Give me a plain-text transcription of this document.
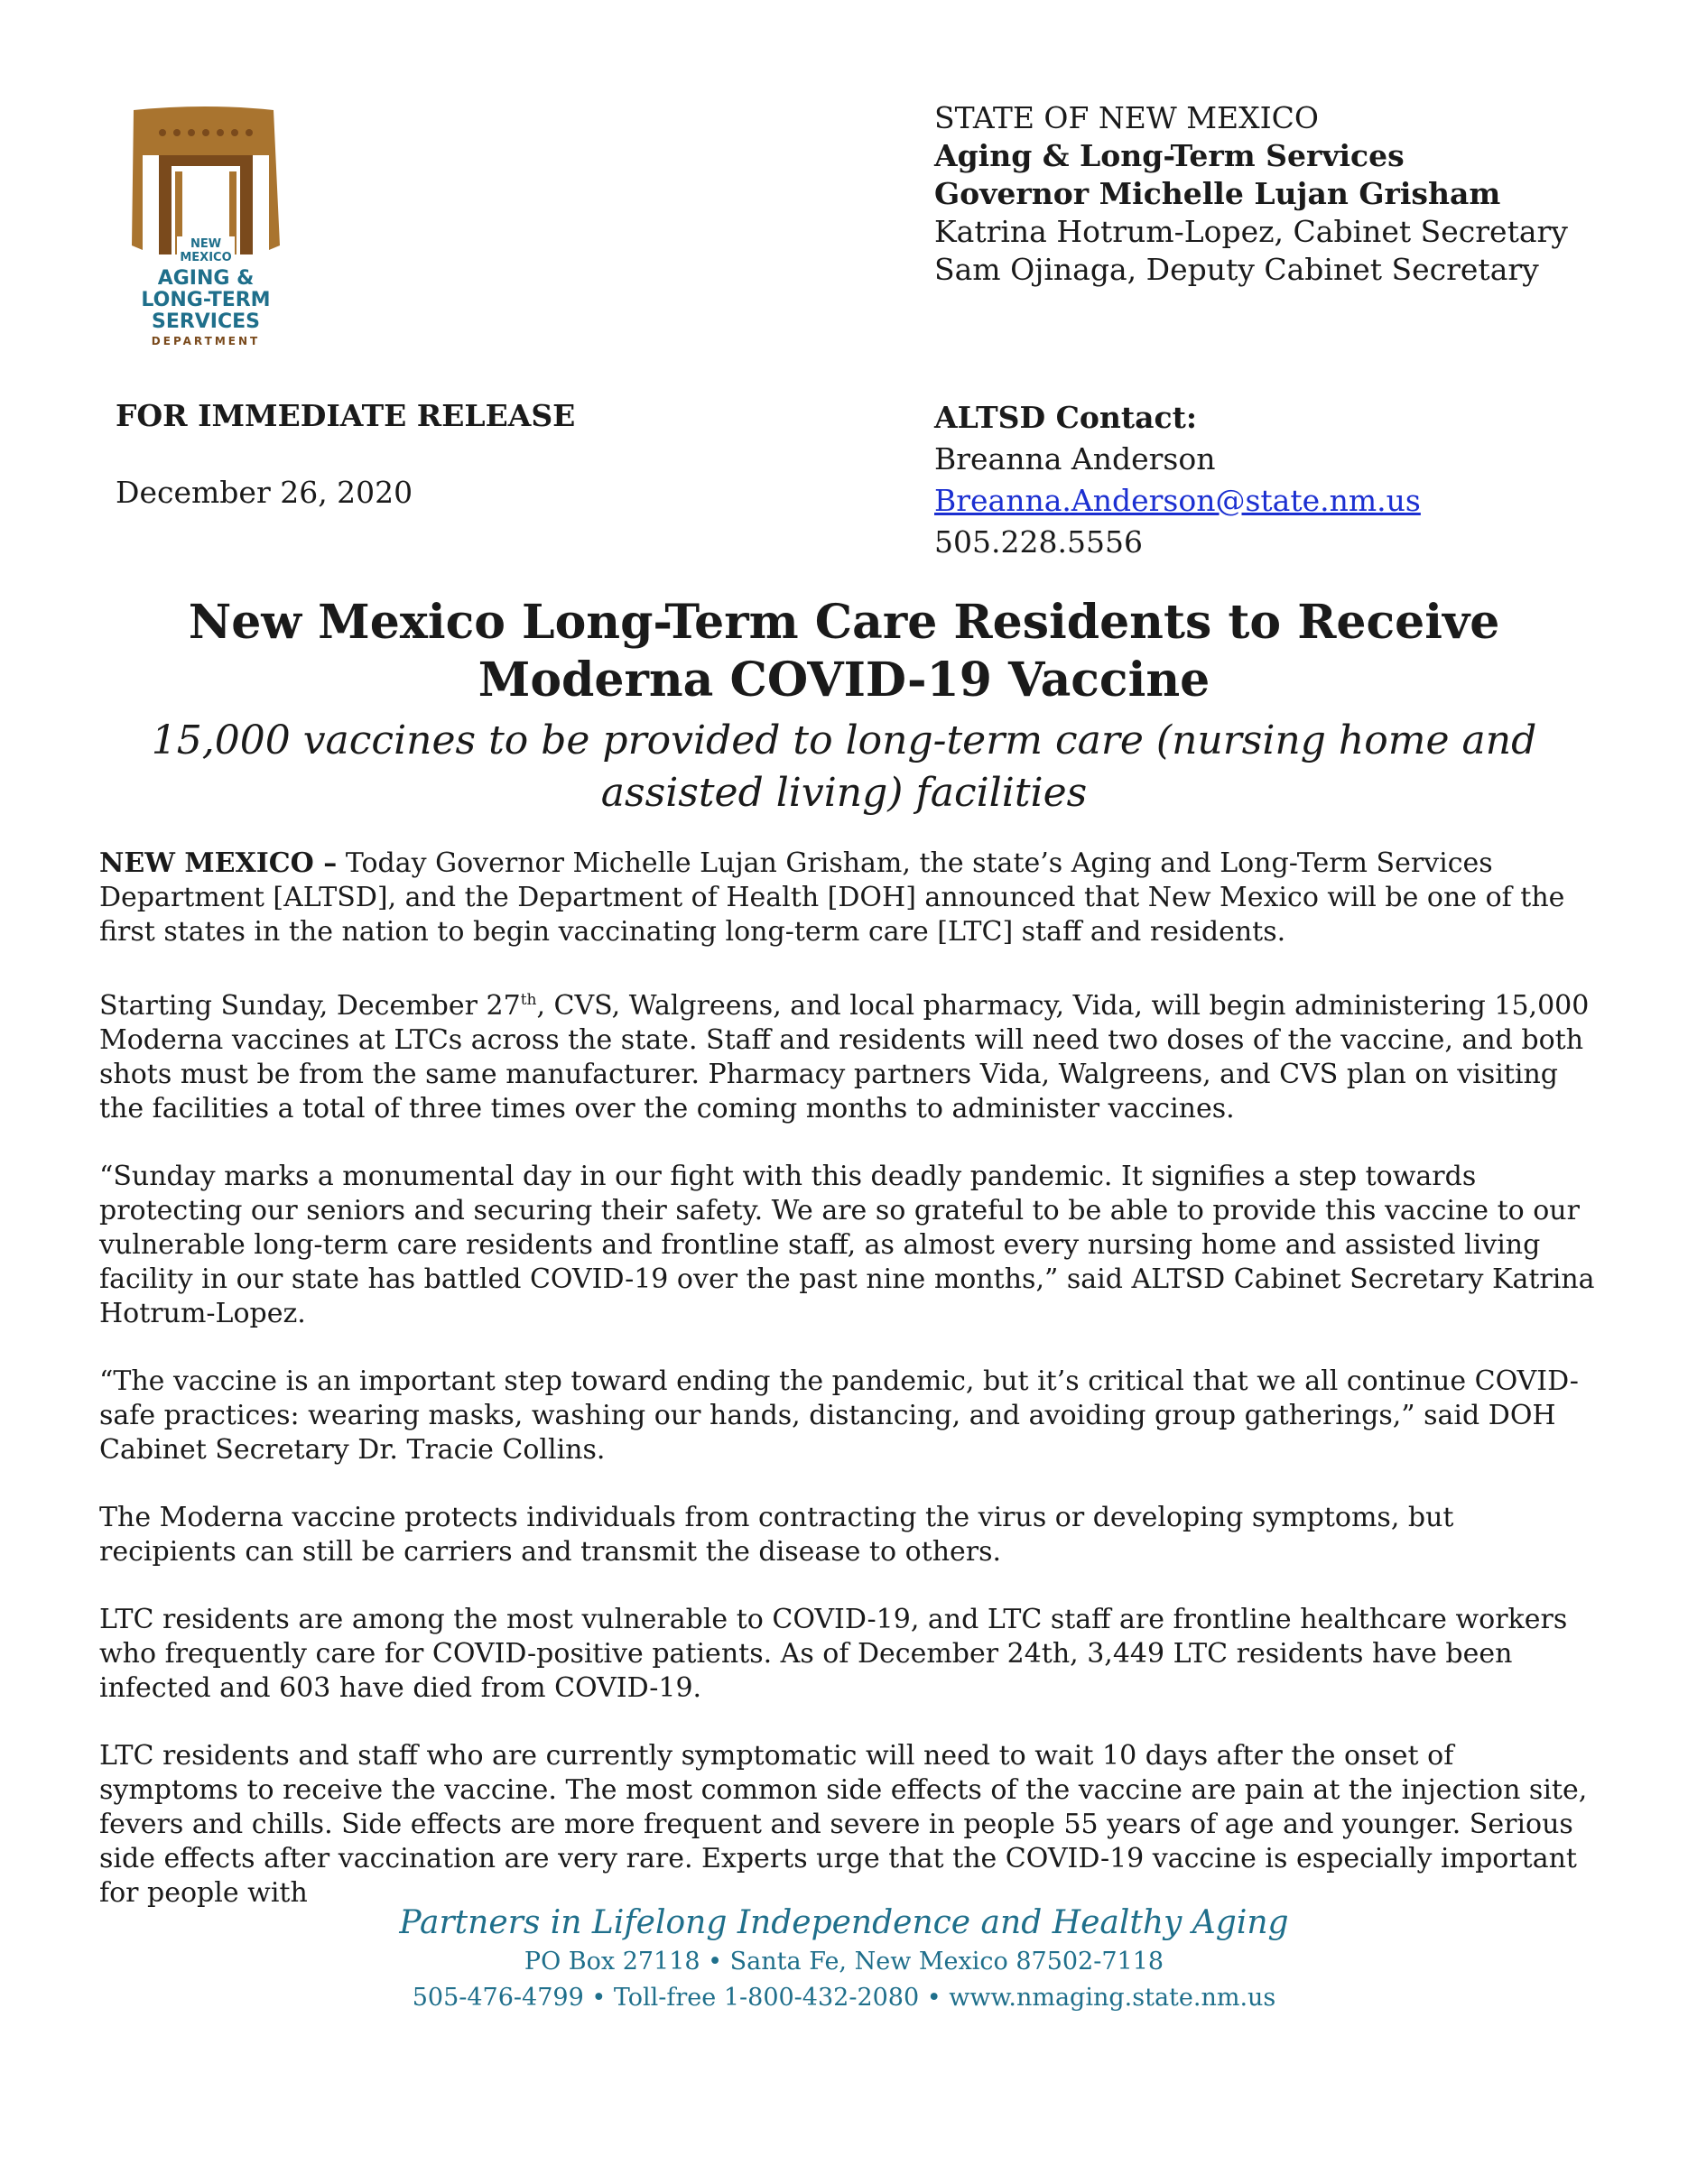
NEW
MEXICO
AGING &
LONG-TERM
SERVICES
DEPARTMENT
STATE OF NEW MEXICO
Aging & Long-Term Services
Governor Michelle Lujan Grisham
Katrina Hotrum-Lopez, Cabinet Secretary
Sam Ojinaga, Deputy Cabinet Secretary
FOR IMMEDIATE RELEASE
December 26, 2020
ALTSD Contact:
Breanna Anderson
Breanna.Anderson@state.nm.us
505.228.5556
New Mexico Long-Term Care Residents to Receive Moderna COVID-19 Vaccine
15,000 vaccines to be provided to long-term care (nursing home and assisted living) facilities

NEW MEXICO – Today Governor Michelle Lujan Grisham, the state’s Aging and Long-Term Services Department [ALTSD], and the Department of Health [DOH] announced that New Mexico will be one of the first states in the nation to begin vaccinating long-term care [LTC] staff and residents.

Starting Sunday, December 27th, CVS, Walgreens, and local pharmacy, Vida, will begin administering 15,000 Moderna vaccines at LTCs across the state. Staff and residents will need two doses of the vaccine, and both shots must be from the same manufacturer. Pharmacy partners Vida, Walgreens, and CVS plan on visiting the facilities a total of three times over the coming months to administer vaccines.

“Sunday marks a monumental day in our fight with this deadly pandemic. It signifies a step towards protecting our seniors and securing their safety. We are so grateful to be able to provide this vaccine to our vulnerable long-term care residents and frontline staff, as almost every nursing home and assisted living facility in our state has battled COVID-19 over the past nine months,” said ALTSD Cabinet Secretary Katrina Hotrum-Lopez.

“The vaccine is an important step toward ending the pandemic, but it’s critical that we all continue COVID-safe practices: wearing masks, washing our hands, distancing, and avoiding group gatherings,” said DOH Cabinet Secretary Dr. Tracie Collins.

The Moderna vaccine protects individuals from contracting the virus or developing symptoms, but recipients can still be carriers and transmit the disease to others.

LTC residents are among the most vulnerable to COVID-19, and LTC staff are frontline healthcare workers who frequently care for COVID-positive patients. As of December 24th, 3,449 LTC residents have been infected and 603 have died from COVID-19.

LTC residents and staff who are currently symptomatic will need to wait 10 days after the onset of symptoms to receive the vaccine. The most common side effects of the vaccine are pain at the injection site, fevers and chills. Side effects are more frequent and severe in people 55 years of age and younger. Serious side effects after vaccination are very rare. Experts urge that the COVID-19 vaccine is especially important for people with

Partners in Lifelong Independence and Healthy Aging
PO Box 27118 • Santa Fe, New Mexico 87502-7118
505-476-4799 • Toll-free 1-800-432-2080 • www.nmaging.state.nm.us
